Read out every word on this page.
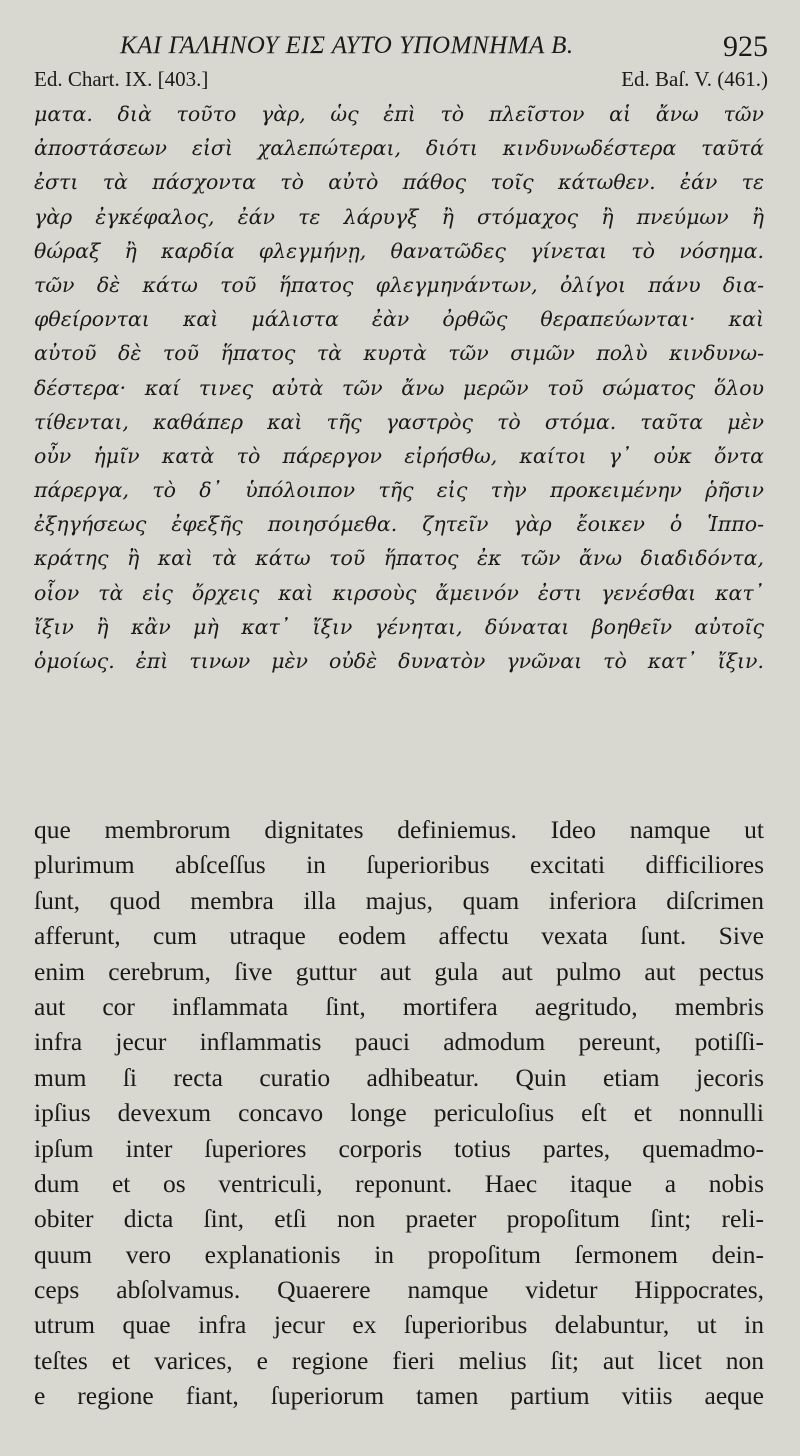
ΚΑΙ ΓΑΛΗΝΟΥ ΕΙΣ ΑΥΤΟ ΥΠΟΜΝΗΜΑ Β.	925
Ed. Chart. IX. [403.]	Ed. Baſ. V. (461.)
ματα. διὰ τοῦτο γὰρ, ὡς ἐπὶ τὸ πλεῖστον αἱ ἄνω τῶν
ἀποστάσεων εἰσὶ χαλεπώτεραι, διότι κινδυνωδέστερα ταῦτά
ἐστι τὰ πάσχοντα τὸ αὐτὸ πάθος τοῖς κάτωθεν. ἐάν τε
γὰρ ἐγκέφαλος, ἐάν τε λάρυγξ ἢ στόμαχος ἢ πνεύμων ἢ
θώραξ ἢ καρδία φλεγμήνῃ, θανατῶδες γίνεται τὸ νόσημα.
τῶν δὲ κάτω τοῦ ἥπατος φλεγμηνάντων, ὀλίγοι πάνυ δια-
φθείρονται καὶ μάλιστα ἐὰν ὀρθῶς θεραπεύωνται· καὶ
αὐτοῦ δὲ τοῦ ἥπατος τὰ κυρτὰ τῶν σιμῶν πολὺ κινδυνω-
δέστερα· καί τινες αὐτὰ τῶν ἄνω μερῶν τοῦ σώματος ὅλου
τίθενται, καθάπερ καὶ τῆς γαστρὸς τὸ στόμα. ταῦτα μὲν
οὖν ἡμῖν κατὰ τὸ πάρεργον εἰρήσθω, καίτοι γ᾽ οὐκ ὄντα
πάρεργα, τὸ δ᾽ ὑπόλοιπον τῆς εἰς τὴν προκειμένην ῥῆσιν
ἐξηγήσεως ἐφεξῆς ποιησόμεθα. ζητεῖν γὰρ ἔοικεν ὁ Ἱππο-
κράτης ἢ καὶ τὰ κάτω τοῦ ἥπατος ἐκ τῶν ἄνω διαδιδόντα,
οἷον τὰ εἰς ὄρχεις καὶ κιρσοὺς ἄμεινόν ἐστι γενέσθαι κατ᾽
ἴξιν ἢ κἂν μὴ κατ᾽ ἴξιν γένηται, δύναται βοηθεῖν αὐτοῖς
ὁμοίως. ἐπὶ τινων μὲν οὐδὲ δυνατὸν γνῶναι τὸ κατ᾽ ἴξιν.
que membrorum dignitates definiemus. Ideo namque ut
plurimum abſceſſus in ſuperioribus excitati difficiliores
ſunt, quod membra illa majus, quam inferiora diſcrimen
afferunt, cum utraque eodem affectu vexata ſunt. Sive
enim cerebrum, ſive guttur aut gula aut pulmo aut pectus
aut cor inflammata ſint, mortifera aegritudo, membris
infra jecur inflammatis pauci admodum pereunt, potiſſi-
mum ſi recta curatio adhibeatur. Quin etiam jecoris
ipſius devexum concavo longe periculoſius eſt et nonnulli
ipſum inter ſuperiores corporis totius partes, quemadmo-
dum et os ventriculi, reponunt. Haec itaque a nobis
obiter dicta ſint, etſi non praeter propoſitum ſint; reli-
quum vero explanationis in propoſitum ſermonem dein-
ceps abſolvamus. Quaerere namque videtur Hippocrates,
utrum quae infra jecur ex ſuperioribus delabuntur, ut in
teſtes et varices, e regione fieri melius ſit; aut licet non
e regione fiant, ſuperiorum tamen partium vitiis aeque
